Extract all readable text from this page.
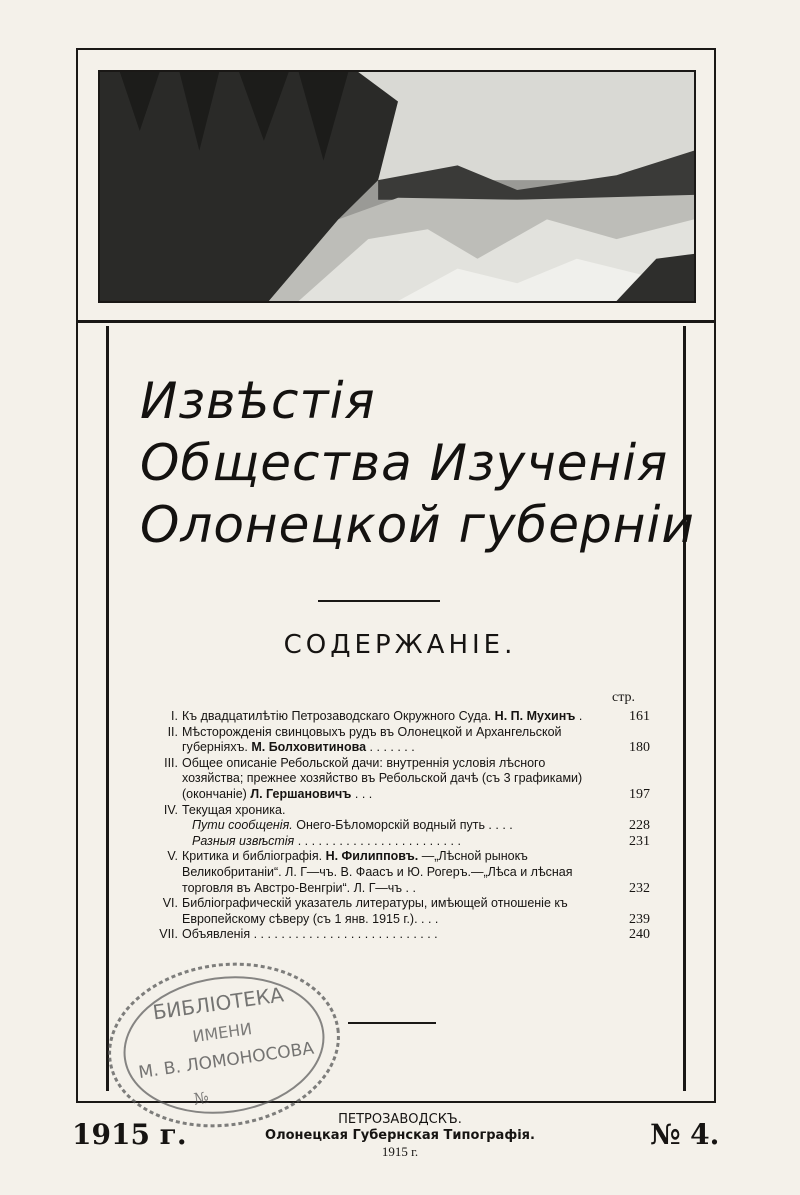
Извѣстія
Общества Изученія
Олонецкой губерніи
СОДЕРЖАНIЕ.
стр.
I. Къ двадцатилѣтію Петрозаводскаго Окружного Суда. Н. П. Мухинъ .	161
II. Мѣсторожденія свинцовыхъ рудъ въ Олонецкой и Архангельской губерніяхъ. М. Болховитинова . . . . . . .	180
III. Общее описаніе Ребольской дачи: внутреннія условія лѣсного хозяйства; прежнее хозяйство въ Ребольской дачѣ (съ 3 графиками) (окончаніе) Л. Гершановичъ . . .	197
IV. Текущая хроника.
Пути сообщенія. Онего-Бѣломорскій водный путь . . . .	228
Разныя извѣстія . . . . . . . . . . . . . . . . . . . . . . . .	231
V. Критика и библіографія. Н. Филипповъ. —„Лѣсной рынокъ Великобританіи“. Л. Г—чъ. В. Фаасъ и Ю. Рогеръ.—„Лѣса и лѣсная торговля въ Австро-Венгріи“. Л. Г—чъ . .	232
VI. Библіографическій указатель литературы, имѣющей отношеніе къ Европейскому сѣверу (съ 1 янв. 1915 г.). . . .	239
VII. Объявленія . . . . . . . . . . . . . . . . . . . . . . . . . . .	240
БИБЛIОТЕКА
ИМЕНИ
М. В. ЛОМОНОСОВА
№
1915 г.	ПЕТРОЗАВОДСКЪ.
Олонецкая Губернская Типографія.
1915 г.
№ 4.
